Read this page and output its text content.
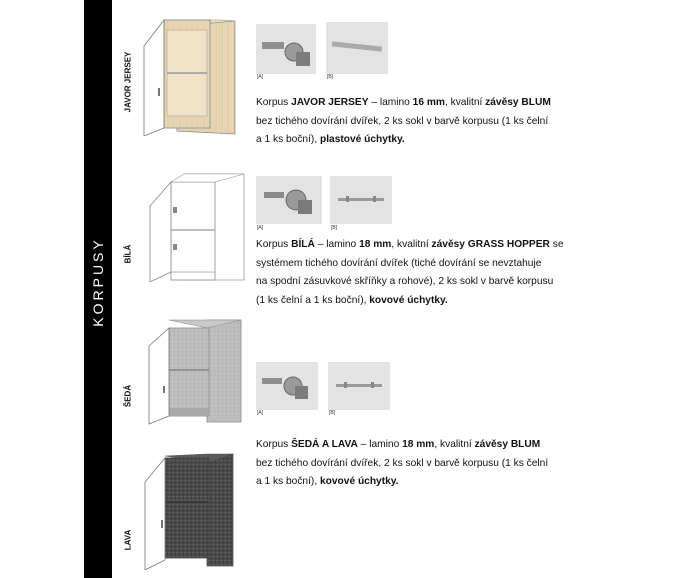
KORPUSY
JAVOR JERSEY
BÍLÁ
ŠEDÁ
LAVA
[A]	[B]
[A]	[B]
[A]	[B]

Korpus JAVOR JERSEY – lamino 16 mm, kvalitní závěsy BLUM
bez tichého dovírání dvířek, 2 ks sokl v barvě korpusu (1 ks čelní
a 1 ks boční), plastové úchytky.

Korpus BÍLÁ – lamino 18 mm, kvalitní závěsy GRASS HOPPER se
systémem tichého dovírání dvířek (tiché dovírání se nevztahuje
na spodní zásuvkové skříňky a rohové), 2 ks sokl v barvě korpusu
(1 ks čelní a 1 ks boční), kovové úchytky.

Korpus ŠEDÁ A LAVA – lamino 18 mm, kvalitní závěsy BLUM
bez tichého dovírání dvířek, 2 ks sokl v barvě korpusu (1 ks čelní
a 1 ks boční), kovové úchytky.
